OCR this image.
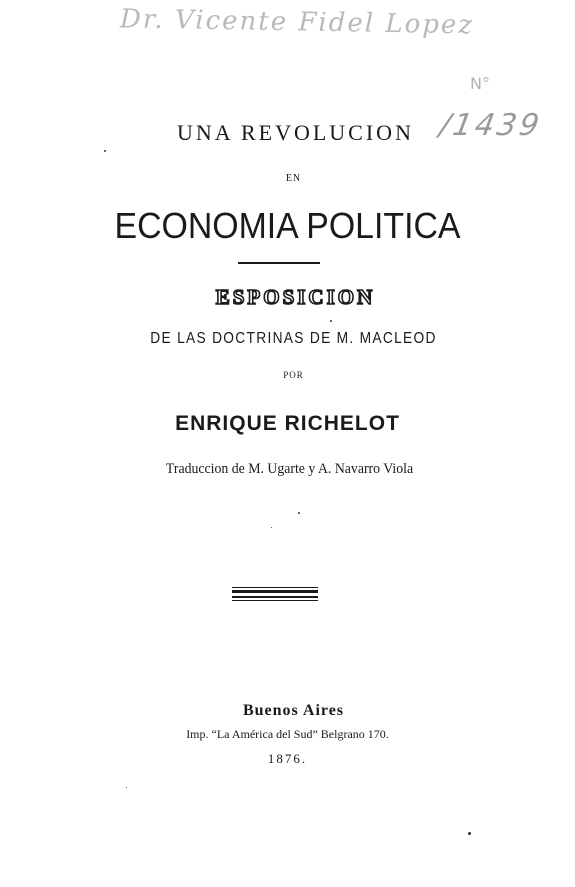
Dr. Vicente Fidel Lopez
N°
/1439
UNA REVOLUCION
EN
ECONOMIA POLITICA
ESPOSICION
DE LAS DOCTRINAS DE M. MACLEOD
POR
ENRIQUE RICHELOT
Traduccion de M. Ugarte y A. Navarro Viola
Buenos Aires
Imp. “La América del Sud” Belgrano 170.
1876.
